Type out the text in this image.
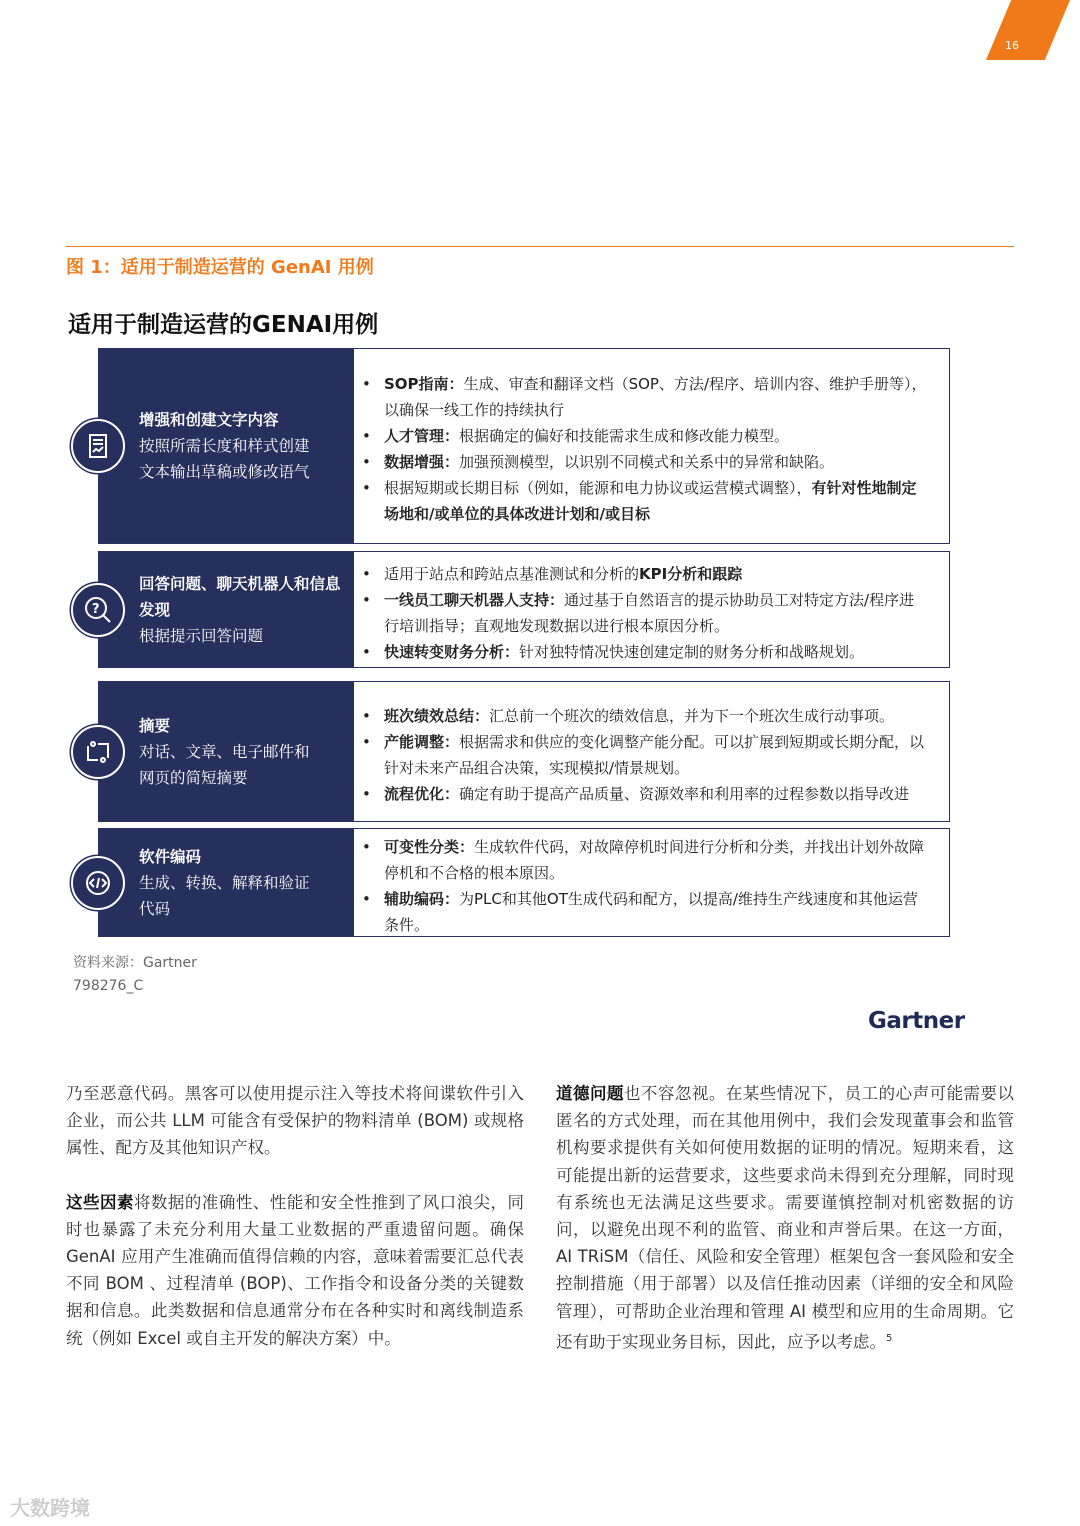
16
图 1：适用于制造运营的 GenAI 用例
适用于制造运营的GENAI用例
增强和创建文字内容
按照所需长度和样式创建
文本输出草稿或修改语气
• SOP指南：生成、审查和翻译文档（SOP、方法/程序、培训内容、维护手册等），以确保一线工作的持续执行
• 人才管理：根据确定的偏好和技能需求生成和修改能力模型。
• 数据增强：加强预测模型，以识别不同模式和关系中的异常和缺陷。
• 根据短期或长期目标（例如，能源和电力协议或运营模式调整），有针对性地制定场地和/或单位的具体改进计划和/或目标
回答问题、聊天机器人和信息发现
根据提示回答问题
• 适用于站点和跨站点基准测试和分析的KPI分析和跟踪
• 一线员工聊天机器人支持：通过基于自然语言的提示协助员工对特定方法/程序进行培训指导；直观地发现数据以进行根本原因分析。
• 快速转变财务分析：针对独特情况快速创建定制的财务分析和战略规划。
?
摘要
对话、文章、电子邮件和
网页的简短摘要
• 班次绩效总结：汇总前一个班次的绩效信息，并为下一个班次生成行动事项。
• 产能调整：根据需求和供应的变化调整产能分配。可以扩展到短期或长期分配，以针对未来产品组合决策，实现模拟/情景规划。
• 流程优化：确定有助于提高产品质量、资源效率和利用率的过程参数以指导改进
软件编码
生成、转换、解释和验证
代码
• 可变性分类：生成软件代码，对故障停机时间进行分析和分类，并找出计划外故障停机和不合格的根本原因。
• 辅助编码：为PLC和其他OT生成代码和配方，以提高/维持生产线速度和其他运营条件。
资料来源：Gartner
798276_C
Gartner

乃至恶意代码。黑客可以使用提示注入等技术将间谍软件引入企业，而公共 LLM 可能含有受保护的物料清单 (BOM) 或规格属性、配方及其他知识产权。

这些因素将数据的准确性、性能和安全性推到了风口浪尖，同时也暴露了未充分利用大量工业数据的严重遗留问题。确保 GenAI 应用产生准确而值得信赖的内容，意味着需要汇总代表不同 BOM 、过程清单 (BOP)、工作指令和设备分类的关键数据和信息。此类数据和信息通常分布在各种实时和离线制造系统（例如 Excel 或自主开发的解决方案）中。

道德问题也不容忽视。在某些情况下，员工的心声可能需要以匿名的方式处理，而在其他用例中，我们会发现董事会和监管机构要求提供有关如何使用数据的证明的情况。短期来看，这可能提出新的运营要求，这些要求尚未得到充分理解，同时现有系统也无法满足这些要求。需要谨慎控制对机密数据的访问，以避免出现不利的监管、商业和声誉后果。在这一方面，AI TRiSM（信任、风险和安全管理）框架包含一套风险和安全控制措施（用于部署）以及信任推动因素（详细的安全和风险管理），可帮助企业治理和管理 AI 模型和应用的生命周期。它还有助于实现业务目标，因此，应予以考虑。$^5$

大数跨境
